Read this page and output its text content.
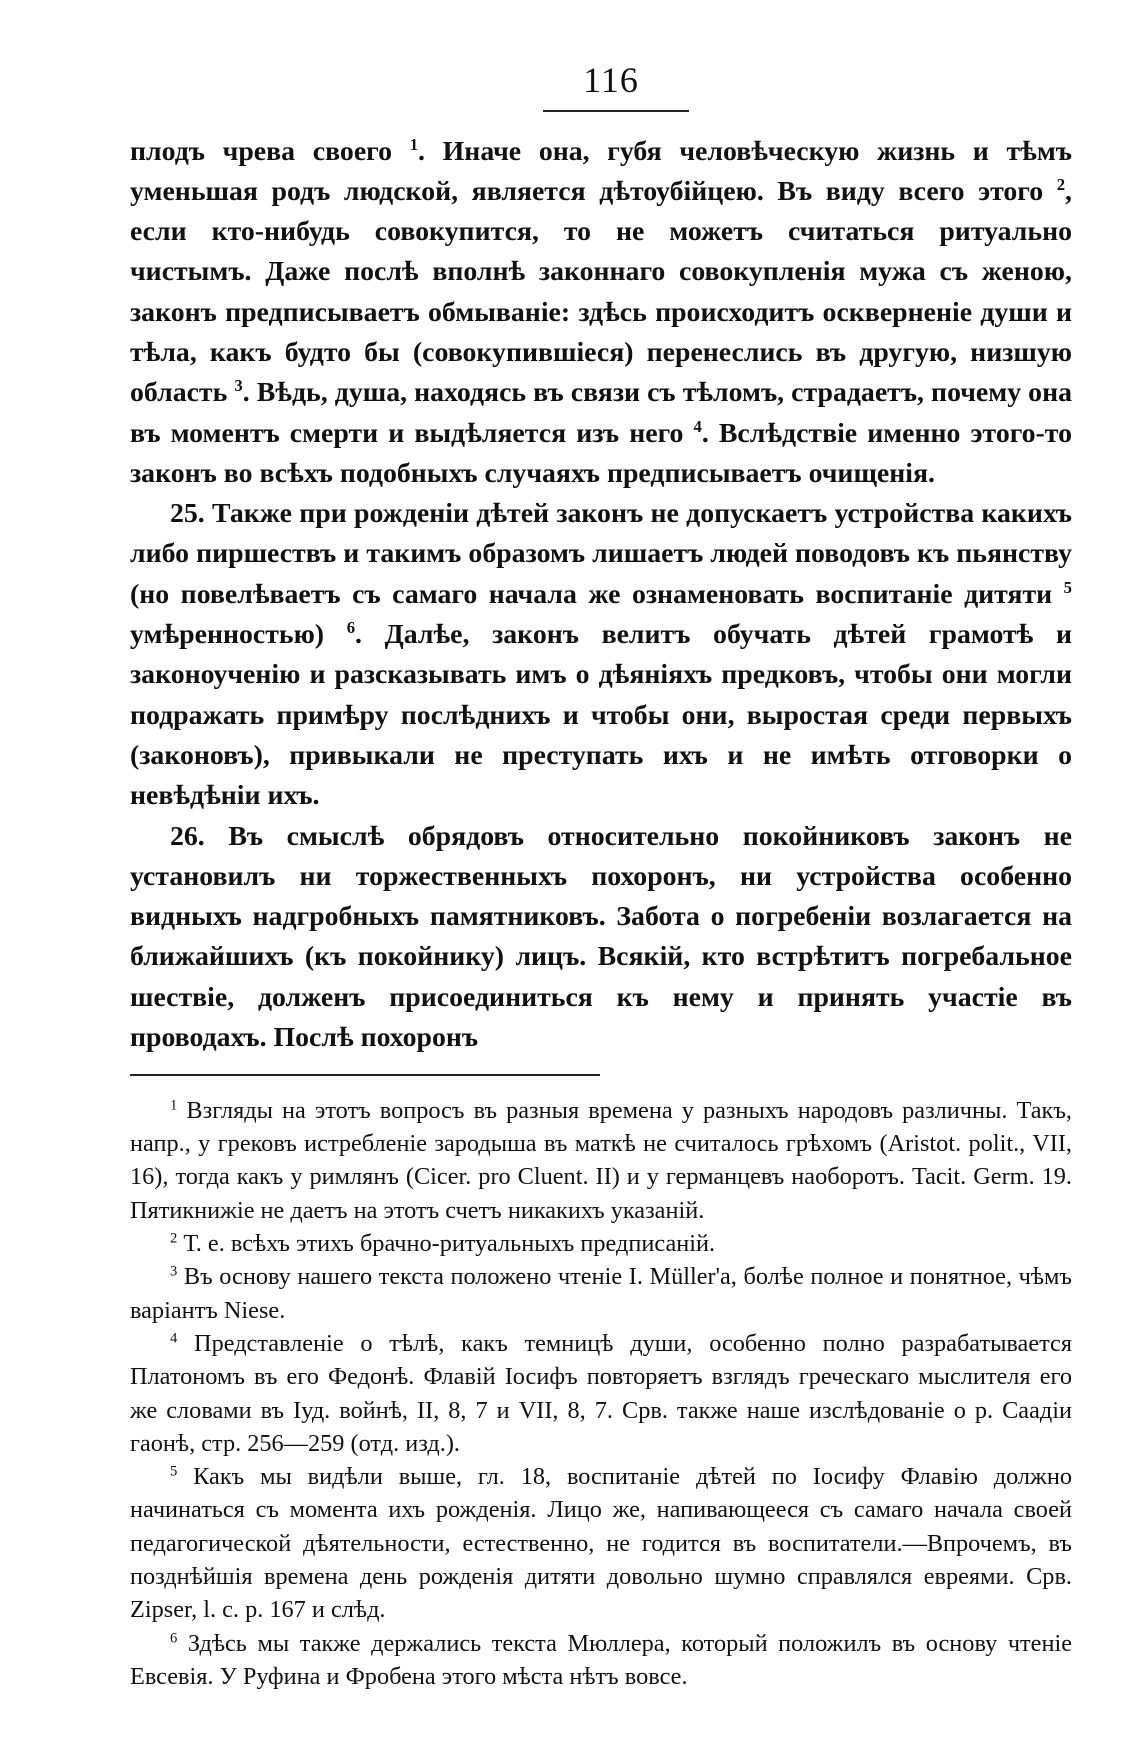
116

плодъ чрева своего $^1$. Иначе она, губя человѣческую жизнь и тѣмъ уменьшая родъ людской, является дѣтоубійцею. Въ виду всего этого $^2$, если кто-нибудь совокупится, то не можетъ считаться ритуально чистымъ. Даже послѣ вполнѣ законнаго совокупленія мужа съ женою, законъ предписываетъ обмываніе: здѣсь происходитъ оскверненіе души и тѣла, какъ будто бы (совокупившіеся) перенеслись въ другую, низшую область $^3$. Вѣдь, душа, находясь въ связи съ тѣломъ, страдаетъ, почему она въ моментъ смерти и выдѣляется изъ него $^4$. Вслѣдствіе именно этого-то законъ во всѣхъ подобныхъ случаяхъ предписываетъ очищенія.

25. Также при рожденіи дѣтей законъ не допускаетъ устройства какихъ либо пиршествъ и такимъ образомъ лишаетъ людей поводовъ къ пьянству (но повелѣваетъ съ самаго начала же ознаменовать воспитаніе дитяти $^5$ умѣренностью) $^6$. Далѣе, законъ велитъ обучать дѣтей грамотѣ и законоученію и разсказывать имъ о дѣяніяхъ предковъ, чтобы они могли подражать примѣру послѣднихъ и чтобы они, выростая среди первыхъ (законовъ), привыкали не преступать ихъ и не имѣть отговорки о невѣдѣніи ихъ.

26. Въ смыслѣ обрядовъ относительно покойниковъ законъ не установилъ ни торжественныхъ похоронъ, ни устройства особенно видныхъ надгробныхъ памятниковъ. Забота о погребеніи возлагается на ближайшихъ (къ покойнику) лицъ. Всякій, кто встрѣтитъ погребальное шествіе, долженъ присоединиться къ нему и принять участіе въ проводахъ. Послѣ похоронъ

$^1$ Взгляды на этотъ вопросъ въ разныя времена у разныхъ народовъ различны. Такъ, напр., у грековъ истребленіе зародыша въ маткѣ не считалось грѣхомъ (Aristot. polit., VII, 16), тогда какъ у римлянъ (Cicer. pro Cluent. II) и у германцевъ наоборотъ. Tacit. Germ. 19. Пятикнижіе не даетъ на этотъ счетъ никакихъ указаній.

$^2$ Т. е. всѣхъ этихъ брачно-ритуальныхъ предписаній.

$^3$ Въ основу нашего текста положено чтеніе I. Müller'а, болѣе полное и понятное, чѣмъ варіантъ Niese.

$^4$ Представленіе о тѣлѣ, какъ темницѣ души, особенно полно разрабатывается Платономъ въ его Федонѣ. Флавій Іосифъ повторяетъ взглядъ греческаго мыслителя его же словами въ Іуд. войнѣ, II, 8, 7 и VII, 8, 7. Срв. также наше изслѣдованіе о р. Саадіи гаонѣ, стр. 256—259 (отд. изд.).

$^5$ Какъ мы видѣли выше, гл. 18, воспитаніе дѣтей по Іосифу Флавію должно начинаться съ момента ихъ рожденія. Лицо же, напивающееся съ самаго начала своей педагогической дѣятельности, естественно, не годится въ воспитатели.—Впрочемъ, въ позднѣйшія времена день рожденія дитяти довольно шумно справлялся евреями. Срв. Zipser, l. c. p. 167 и слѣд.

$^6$ Здѣсь мы также держались текста Мюллера, который положилъ въ основу чтеніе Евсевія. У Руфина и Фробена этого мѣста нѣтъ вовсе.
